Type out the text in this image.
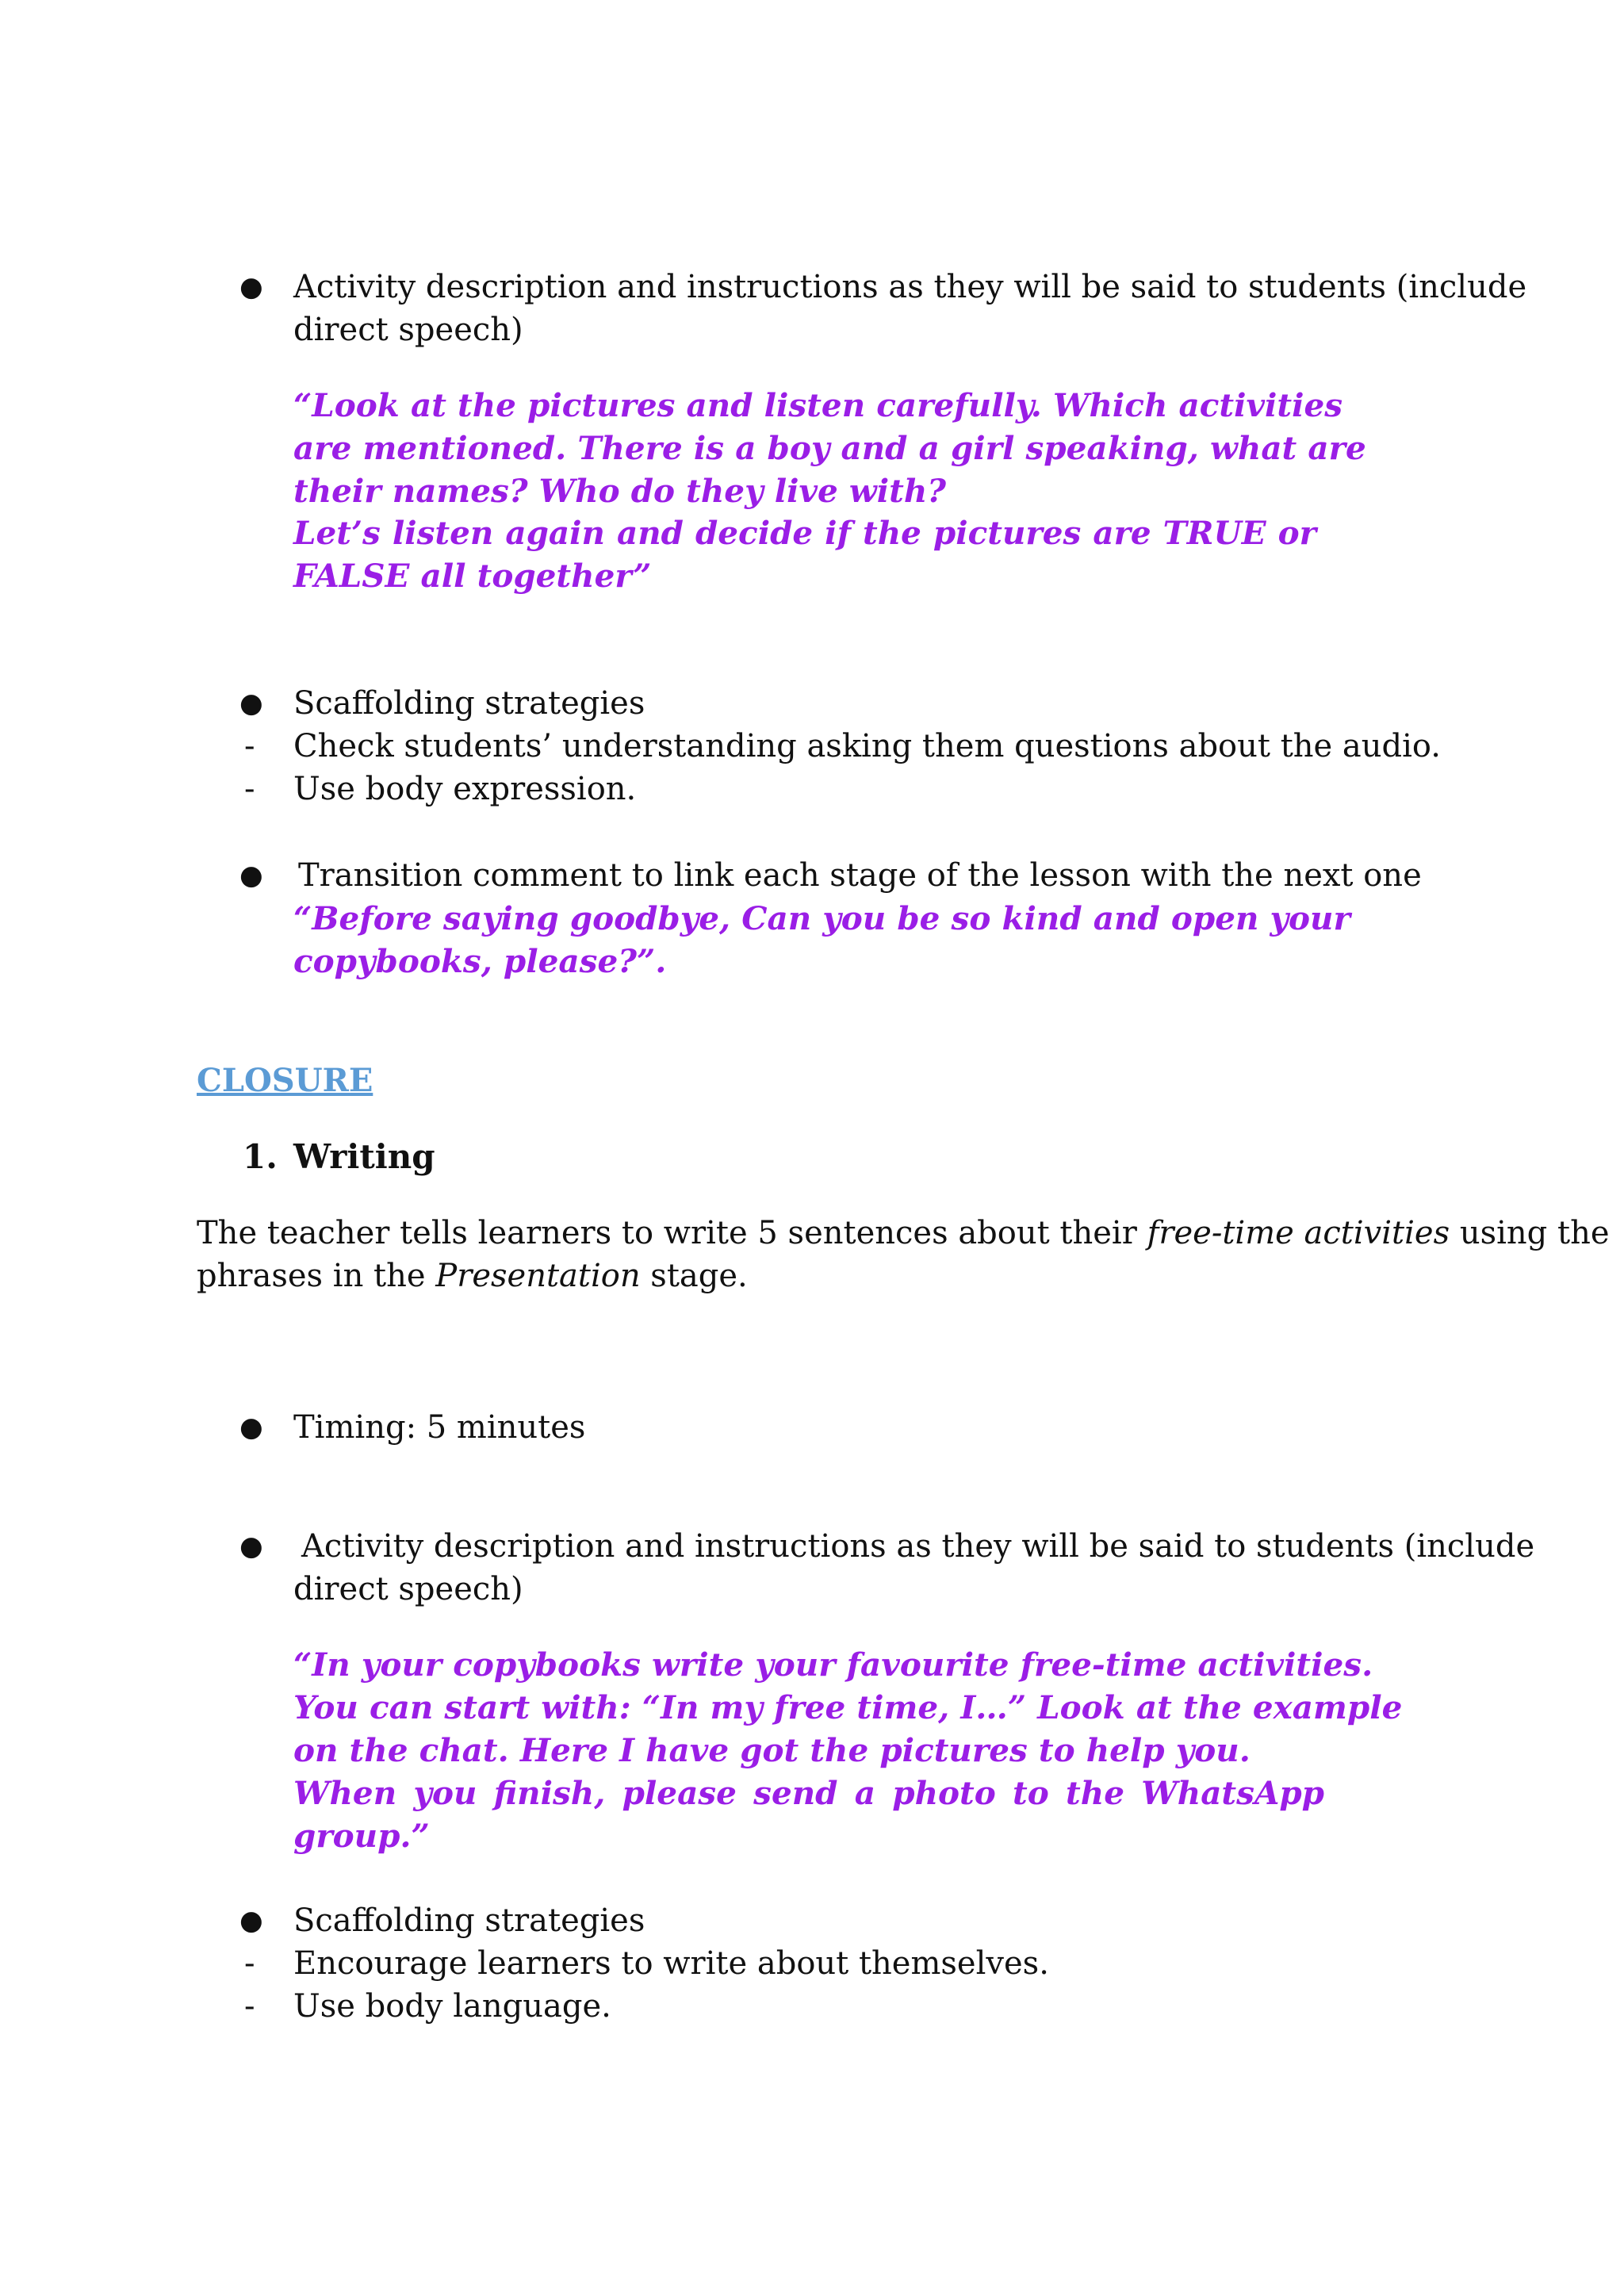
● Activity description and instructions as they will be said to students (include
direct speech)
“Look at the pictures and listen carefully. Which activities
are mentioned. There is a boy and a girl speaking, what are
their names? Who do they live with?
Let’s listen again and decide if the pictures are TRUE or
FALSE all together”
● Scaffolding strategies
- Check students’ understanding asking them questions about the audio.
- Use body expression.
● Transition comment to link each stage of the lesson with the next one
“Before saying goodbye, Can you be so kind and open your
copybooks, please?”.
CLOSURE
1. Writing
The teacher tells learners to write 5 sentences about their free-time activities using the
phrases in the Presentation stage.
● Timing: 5 minutes
● Activity description and instructions as they will be said to students (include
direct speech)
“In your copybooks write your favourite free-time activities.
You can start with: “In my free time, I…” Look at the example
on the chat. Here I have got the pictures to help you.
When you finish, please send a photo to the WhatsApp
group.”
● Scaffolding strategies
- Encourage learners to write about themselves.
- Use body language.
